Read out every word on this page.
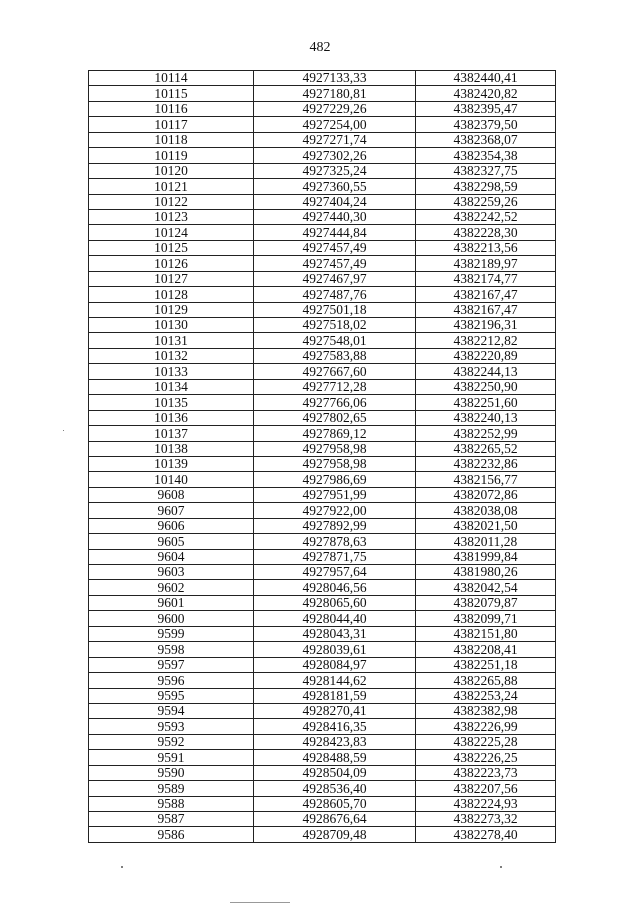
482
10114	4927133,33	4382440,41
10115	4927180,81	4382420,82
10116	4927229,26	4382395,47
10117	4927254,00	4382379,50
10118	4927271,74	4382368,07
10119	4927302,26	4382354,38
10120	4927325,24	4382327,75
10121	4927360,55	4382298,59
10122	4927404,24	4382259,26
10123	4927440,30	4382242,52
10124	4927444,84	4382228,30
10125	4927457,49	4382213,56
10126	4927457,49	4382189,97
10127	4927467,97	4382174,77
10128	4927487,76	4382167,47
10129	4927501,18	4382167,47
10130	4927518,02	4382196,31
10131	4927548,01	4382212,82
10132	4927583,88	4382220,89
10133	4927667,60	4382244,13
10134	4927712,28	4382250,90
10135	4927766,06	4382251,60
10136	4927802,65	4382240,13
10137	4927869,12	4382252,99
10138	4927958,98	4382265,52
10139	4927958,98	4382232,86
10140	4927986,69	4382156,77
9608	4927951,99	4382072,86
9607	4927922,00	4382038,08
9606	4927892,99	4382021,50
9605	4927878,63	4382011,28
9604	4927871,75	4381999,84
9603	4927957,64	4381980,26
9602	4928046,56	4382042,54
9601	4928065,60	4382079,87
9600	4928044,40	4382099,71
9599	4928043,31	4382151,80
9598	4928039,61	4382208,41
9597	4928084,97	4382251,18
9596	4928144,62	4382265,88
9595	4928181,59	4382253,24
9594	4928270,41	4382382,98
9593	4928416,35	4382226,99
9592	4928423,83	4382225,28
9591	4928488,59	4382226,25
9590	4928504,09	4382223,73
9589	4928536,40	4382207,56
9588	4928605,70	4382224,93
9587	4928676,64	4382273,32
9586	4928709,48	4382278,40
